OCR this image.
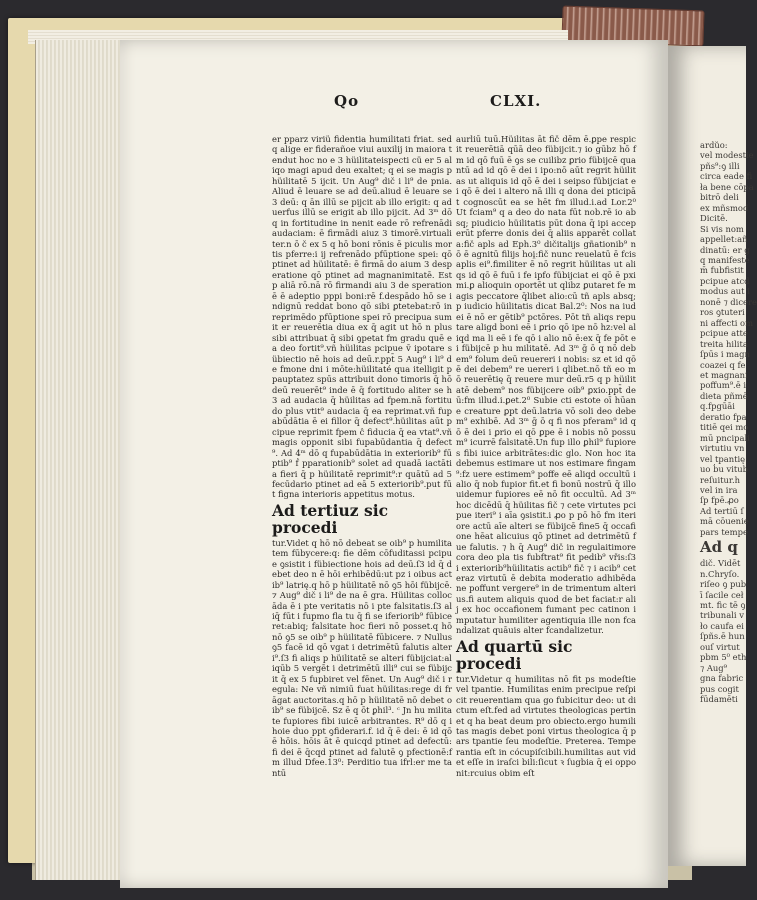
Qo	CLXI.

er pparz viriü fidentia humilitati friat. sed q alige er fiderañoe viui auxilij in maiora tendut hoc no e 3 hüilitateispecti cü er 5 aliqo magi apud deu exaltet; q ei se magis p hüilitatē 5 ijcit. Un Aug⁹ dič i li⁹ de pnia. Aliud ē leuare se ad deū.aliud ē leuare se 3 deū: q ān illū se pijcit ab illo erigit: q aduerfus illū se erigit ab illo pijcit. Ad 3ᵐ dō q in fortitudine in nenit eade rō refrenādi audaciam: ē firmādi aiuz 3 timorē.virtualiter.n ō č ex 5 q hō boni rōnis ē piculis mortis pferre:i ij refrenādo pfūptione spei: qō ptinet ad hüilitatē: ē firmā do aium 3 desperatione qō ptinet ad magnanimitatē. Est p aliā rō.nā rō firmandi aiu 3 de sperationē ē adeptio pppi boni:rē f.despādo hō se indignū reddat bono qō sibi ꝑtetebat:rō in reprimēdo pfūptione spei rō precipua sumit er reuerētia diua ex q̄ agit ut hō n plus sibi attribuat q̄ sibi ꝯpetat fm gradu quē e a deo fortit⁹.vñ hüilitas pcipue v̄ ipotare sübiectio nē hois ad deū.r.ppt̄ 5 Aug⁹ i li⁹ de fmone dni i mōte:hüilitaté qua itelligit p pauptatez spūs attribuit dono timoris q̄ hō deū reuerēt⁹ inde ē q̄ fortitudo aliter se h3 ad audacia q̄ hüilitas ad fpem.nā fortitudo plus vtit⁹ audacia q̄ ea reprimat.vñ fupabūdātia ē ei fillor q̄ defect⁹.hüilitas aūt pcipue reprimit fpem ĉ fiducia q̄ ea vtat⁹.vñ magis opponit sibi fupabūdantia q̄ defect⁹. Ad 4ᵐ dō q fupabūdātia in exteriorib⁹ fūptib⁹ ḟ pparationib⁹ solet ad quadā iactātia fieri q̄ p hüilitatē reprimit⁹:r quātū ad 5 fecūdario ptinet ad eā 5 exteriorib⁹.put fūt figna interioris appetitus motus.

Ad tertiuz sic procedi

tur.Videt q hō nō debeat se oib⁹ p humilitatem fūbycere:q: fie dēm cōfuditassi pcipue ꝯsistit i fübiectione hois ad deū.ſ3 id q̄ debet deo n ē hōi erhibēdū:ut pz i oibus actib⁹ latrię.q hō p hüilitatē nō ꝯ5 hōi fübijcē. ⁊ Aug⁹ dič i li⁹ de na ē gra. Hüilitas collocāda ē i pte veritatis nō i pte falsitatis.ſ3 aliq̄ fūt i fupmo fla tu q̄ fi se iferiorib⁹ fūbiceret:abiq; falsitate hoc fieri nō posset.q hō nō ꝯ5 se oib⁹ p hüilitatē fūbicere. ⁊ Nullus ꝯ5 facē id qō vgat i detrimētū falutis alteri⁹.ſ3 fi aliqs p hüilitatē se alteri fübijciat:aliqūb 5 vergēt i detrimētū illi⁹ cui se fübijcit q̄ ex 5 fupbiret vel fēnet. Un Aug⁹ dič i regula: Ne vñ nimiū fuat hüilitas:rege di frāgat auctoritas.q hō p hüilitatē nō debet oib⁹ se fübijcē. Sz ē q ōt ꝑhil³. ᶜ Jn hu militate fupiores fibi iuicē arbitrantes. R⁹ dō q i hoie duo ppt ꝯfiderari.f. id q̄ ē dei: ē id qō ē hōis. hōis āt ē quicqd ptinet ad defectū: fi dei ē q̄cqd ptinet ad falutē ꝯ pfectionē:fm illud Dfee.13⁰: Perditio tua ifrl:er me tantū

aurliū tuū.Hüilitas āt fič dēm ē.ꝑpe respicit reuerētiā qūā deo fübijcit.⁊ io gūbz hō fm id qō fuū ē ꝯs se cuilibz ꝑrio fübijcē quantū ad id qō ē dei i ipo:nō aūt regrit hüilitas ut aliquis id qō ē dei i seipso fübijciat ei qō ē dei i altero nā illi q dona dei pticipāt cognoscūt ea se hēt fm illud.i.ad Lor.2⁰ Ut fciam⁹ q a deo do nata fūt nob.rē io absq; piudicio hüilitatis pūt dona q̄ ipi acceperūt pferre donis dei q̄ aliis apparēt collata:fič apls ad Eph.3⁰ dičitalijs gñationib⁹ nō ē agnitū filijs hoi̯:fič nunc reuelatū ē fcis aplis ei⁹.fimiliter ē nō regrit hüilitas ut aliqs id qō ē fuū i fe ipfo fübijciat ei qō ē pximi.ꝑ alioquin oportēt ut qlibz ꝑutaret fe magis peccatore q̄libet alio:cū tñ apls absq; p iudicio hüilitatis dicat Bal.2⁰: Nos na iudei ē nō er gētib⁹ pctōres. Pōt tñ aliqs reputare aligd boni eē i ꝑrio qō ipe nō hz:vel aliqd ma li eē i fe qō i alio nō ē:ex q̄ fe pōt ei fübijcē p hu militatē. Ad 3ᵐ ḡ ō q nō debem⁹ folum deū reuereri i nobis: sz et id qō ē dei debem⁹ re uereri i qlibet.nō tñ eo mō reuerētię q̄ reuere mur deū.r5 q p hüilitatē debem⁹ nos fübijcere oib⁹ ꝑxio.ppt̄ deū:fm illud.i.ꝑet.2⁰ Subie cti estote oī hūane creature ꝑpt deū.latria vō soli deo debem⁹ exhibē. Ad 3ᵐ ḡ ō q fi nos pferam⁹ id qō ē dei i ꝑrio ei qō ꝑpe ē i nobis nō possum⁹ icurrē falsitatē.Un fup illo ꝑhil⁹ fupiores fibi iuice arbitrātes:dic glo. Non hoc ita debemus estimare ut nos estimare fingam⁹:fz uere estimem⁹ poffe eē aliqd occultū i alio q̄ nob fupior fit.et fi bonū nostrū q̄ illo uidemur fupiores eē nō fit occultū. Ad 3ᵐ hoc dicēdū q̄ hüilitas fič ⁊ cete virtutes pcipue iteri⁹ i aīa ꝯsistit.i ꝓo p pō hō fm iteriore actū aīe alteri se fübijcē fine5 q̄ occafione hēat alicuius qō ptinet ad detrimētū fue falutis. ⁊ h q̄ Aug⁹ dič in regulaitimore cora deo pla tis fubftrat⁹ fit pedib⁹ vřis:ſ3 i exteriorib⁹hüilitatis actib⁹ fič ⁊ i acib⁹ ceteraz virtutū ē debita moderatio adhibēda ne poffunt vergere⁹ in de trimentum alterius.fi autem aliquis quod de bet faciat:r alij ex hoc occafionem fumant pec catinon imputatur humiliter agentiquia ille non fcandalizat quāuis alter fcandalizetur.

Ad quartū sic procedi

tur.Videtur q humilitas nō fit ps modeſtie vel tpantie. Humilitas enim precipue reſpicit reuerentiam qua go fubicitur deo: ut dictum eſt.fed ad virtutes theologicas pertinet q ha beat deum pro obiecto.ergo humilitas magis debet poni virtus theologica q̄ pars tpantie ſeu modeſtie. Preterea. Temperantia eſt in cócupiſcibili.humilitas aut videt eſſe in iraſci bili:ſicut ꝛ ſugbia q̄ ei opponit:rcuius obim eſt

ardŭo:
vel modestie
pñs⁹:ꝯ illi
circa eade fi
ła bene cōpa
bitrō deli
ex mñsmod
Dicitē.
Si vis nom
appellet:añ
dinatū: er g
q manifeste
m̄ fubfistit
pcipue atcd
modus aut i
nonē ⁊ dicere
ros ꝯtuteri
ni affecti om
pcipue atte
treita hilita
ſpūs i magn
coazei q fe
et magnani
poffum⁹.ē i
dieta pñmē
q.fpgūāi
deratio fpa
titiē qei mo
mū pncipali
virtutiu vn
vel tpantię
uo ḃu vitub
reſuitur.h
vel in ira
ſp fpē.ꝓo
Ad tertiū ſ
mā cōuenie
pars tempe
Ad q
dič. Vidēt
n.Chryſo.
riſeo ꝯ pub
ī ſacile ceł
mt. fic tē ꝯ
tribunali v
ło caufa ei
ſpñs.ē hun
ouſ virtut
pbm 5⁰ eth
⁊ Aug⁹
gna fabric
pus cogit
fūdamēti
